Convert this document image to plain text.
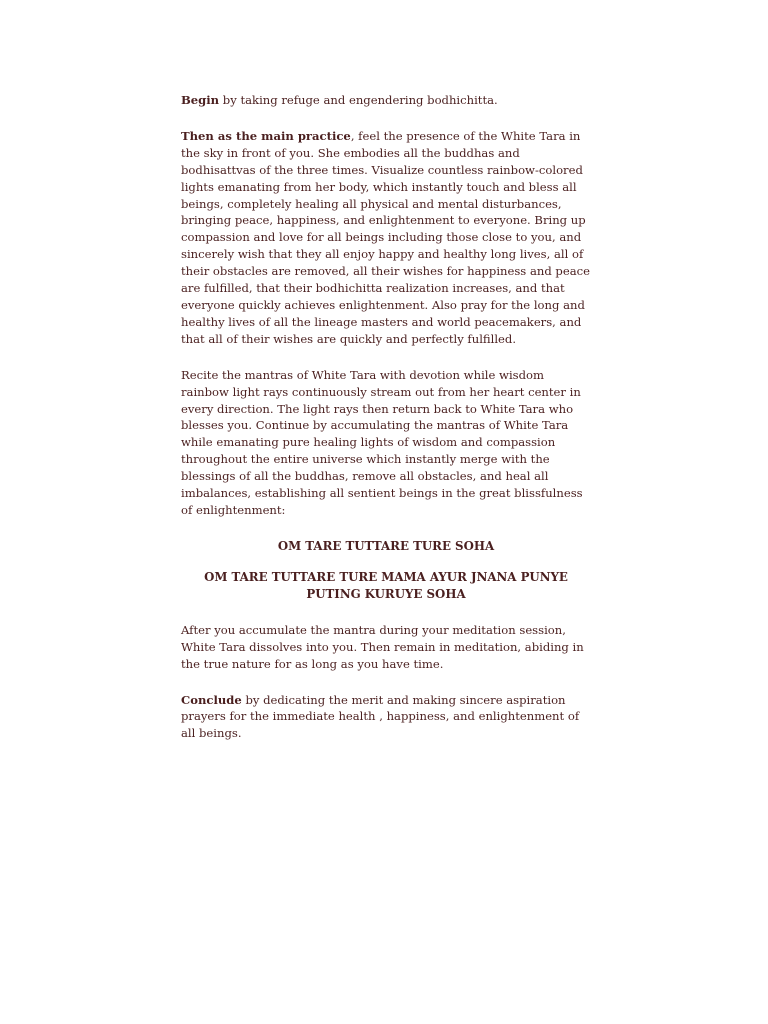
Begin by taking refuge and engendering bodhichitta.

Then as the main practice, feel the presence of the White Tara in the sky in front of you. She embodies all the buddhas and bodhisattvas of the three times. Visualize countless rainbow-colored lights emanating from her body, which instantly touch and bless all beings, completely healing all physical and mental disturbances, bringing peace, happiness, and enlightenment to everyone. Bring up compassion and love for all beings including those close to you, and sincerely wish that they all enjoy happy and healthy long lives, all of their obstacles are removed, all their wishes for happiness and peace are fulfilled, that their bodhichitta realization increases, and that everyone quickly achieves enlightenment. Also pray for the long and healthy lives of all the lineage masters and world peacemakers, and that all of their wishes are quickly and perfectly fulfilled.

Recite the mantras of White Tara with devotion while wisdom rainbow light rays continuously stream out from her heart center in every direction. The light rays then return back to White Tara who blesses you. Continue by accumulating the mantras of White Tara while emanating pure healing lights of wisdom and compassion throughout the entire universe which instantly merge with the blessings of all the buddhas, remove all obstacles, and heal all imbalances, establishing all sentient beings in the great blissfulness of enlightenment:

OM TARE TUTTARE TURE SOHA

OM TARE TUTTARE TURE MAMA AYUR JNANA PUNYE PUTING KURUYE SOHA

After you accumulate the mantra during your meditation session, White Tara dissolves into you. Then remain in meditation, abiding in the true nature for as long as you have time.

Conclude by dedicating the merit and making sincere aspiration prayers for the immediate health , happiness, and enlightenment of all beings.
